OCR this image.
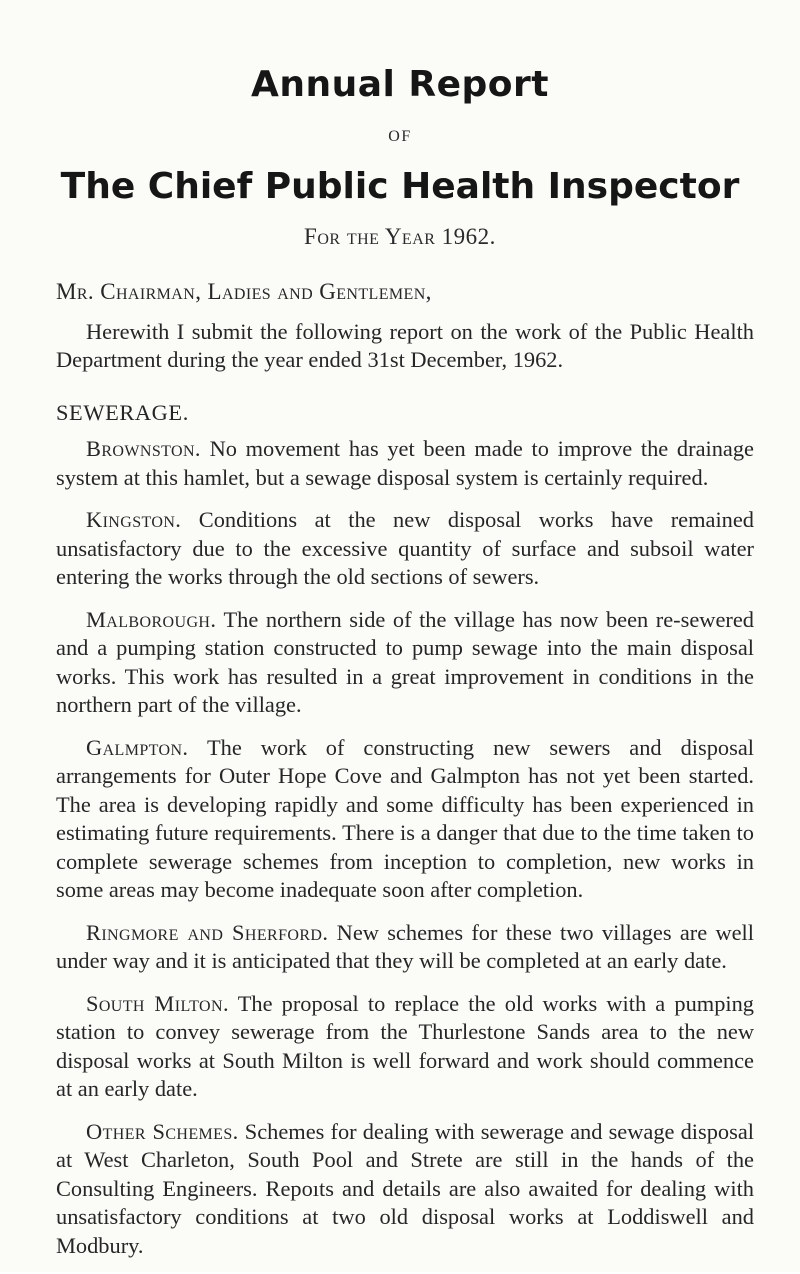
Annual Report
OF
The Chief Public Health Inspector
For the Year 1962.
Mr. Chairman, Ladies and Gentlemen,

Herewith I submit the following report on the work of the Public Health Department during the year ended 31st December, 1962.

SEWERAGE.

Brownston. No movement has yet been made to improve the drainage system at this hamlet, but a sewage disposal system is certainly required.

Kingston. Conditions at the new disposal works have remained unsatisfactory due to the excessive quantity of surface and subsoil water entering the works through the old sections of sewers.

Malborough. The northern side of the village has now been re-sewered and a pumping station constructed to pump sewage into the main disposal works. This work has resulted in a great improvement in conditions in the northern part of the village.

Galmpton. The work of constructing new sewers and disposal arrangements for Outer Hope Cove and Galmpton has not yet been started. The area is developing rapidly and some difficulty has been experienced in estimating future requirements. There is a danger that due to the time taken to complete sewerage schemes from inception to completion, new works in some areas may become inadequate soon after completion.

Ringmore and Sherford. New schemes for these two villages are well under way and it is anticipated that they will be completed at an early date.

South Milton. The proposal to replace the old works with a pumping station to convey sewerage from the Thurlestone Sands area to the new disposal works at South Milton is well forward and work should commence at an early date.

Other Schemes. Schemes for dealing with sewerage and sewage disposal at West Charleton, South Pool and Strete are still in the hands of the Consulting Engineers. Repoıts and details are also awaited for dealing with unsatisfactory conditions at two old disposal works at Loddiswell and Modbury.
